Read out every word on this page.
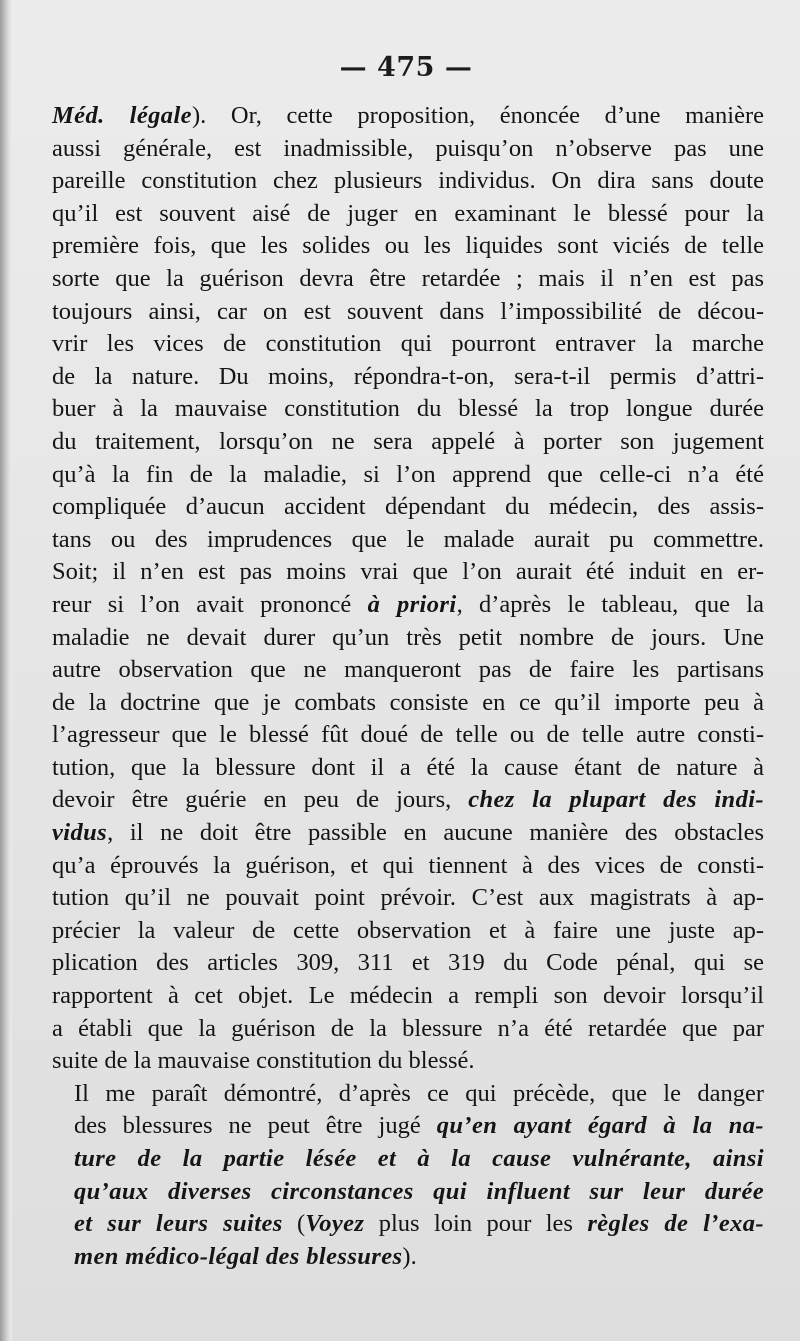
— 475 —

Méd. légale). Or, cette proposition, énoncée d’une manière
aussi générale, est inadmissible, puisqu’on n’observe pas une
pareille constitution chez plusieurs individus. On dira sans doute
qu’il est souvent aisé de juger en examinant le blessé pour la
première fois, que les solides ou les liquides sont viciés de telle
sorte que la guérison devra être retardée ; mais il n’en est pas
toujours ainsi, car on est souvent dans l’impossibilité de décou-
vrir les vices de constitution qui pourront entraver la marche
de la nature. Du moins, répondra-t-on, sera-t-il permis d’attri-
buer à la mauvaise constitution du blessé la trop longue durée
du traitement, lorsqu’on ne sera appelé à porter son jugement
qu’à la fin de la maladie, si l’on apprend que celle-ci n’a été
compliquée d’aucun accident dépendant du médecin, des assis-
tans ou des imprudences que le malade aurait pu commettre.
Soit; il n’en est pas moins vrai que l’on aurait été induit en er-
reur si l’on avait prononcé à priori, d’après le tableau, que la
maladie ne devait durer qu’un très petit nombre de jours. Une
autre observation que ne manqueront pas de faire les partisans
de la doctrine que je combats consiste en ce qu’il importe peu à
l’agresseur que le blessé fût doué de telle ou de telle autre consti-
tution, que la blessure dont il a été la cause étant de nature à
devoir être guérie en peu de jours, chez la plupart des indi-
vidus, il ne doit être passible en aucune manière des obstacles
qu’a éprouvés la guérison, et qui tiennent à des vices de consti-
tution qu’il ne pouvait point prévoir. C’est aux magistrats à ap-
précier la valeur de cette observation et à faire une juste ap-
plication des articles 309, 311 et 319 du Code pénal, qui se
rapportent à cet objet. Le médecin a rempli son devoir lorsqu’il
a établi que la guérison de la blessure n’a été retardée que par
suite de la mauvaise constitution du blessé.

Il me paraît démontré, d’après ce qui précède, que le danger
des blessures ne peut être jugé qu’en ayant égard à la na-
ture de la partie lésée et à la cause vulnérante, ainsi
qu’aux diverses circonstances qui influent sur leur durée
et sur leurs suites (Voyez plus loin pour les règles de l’exa-
men médico-légal des blessures).
